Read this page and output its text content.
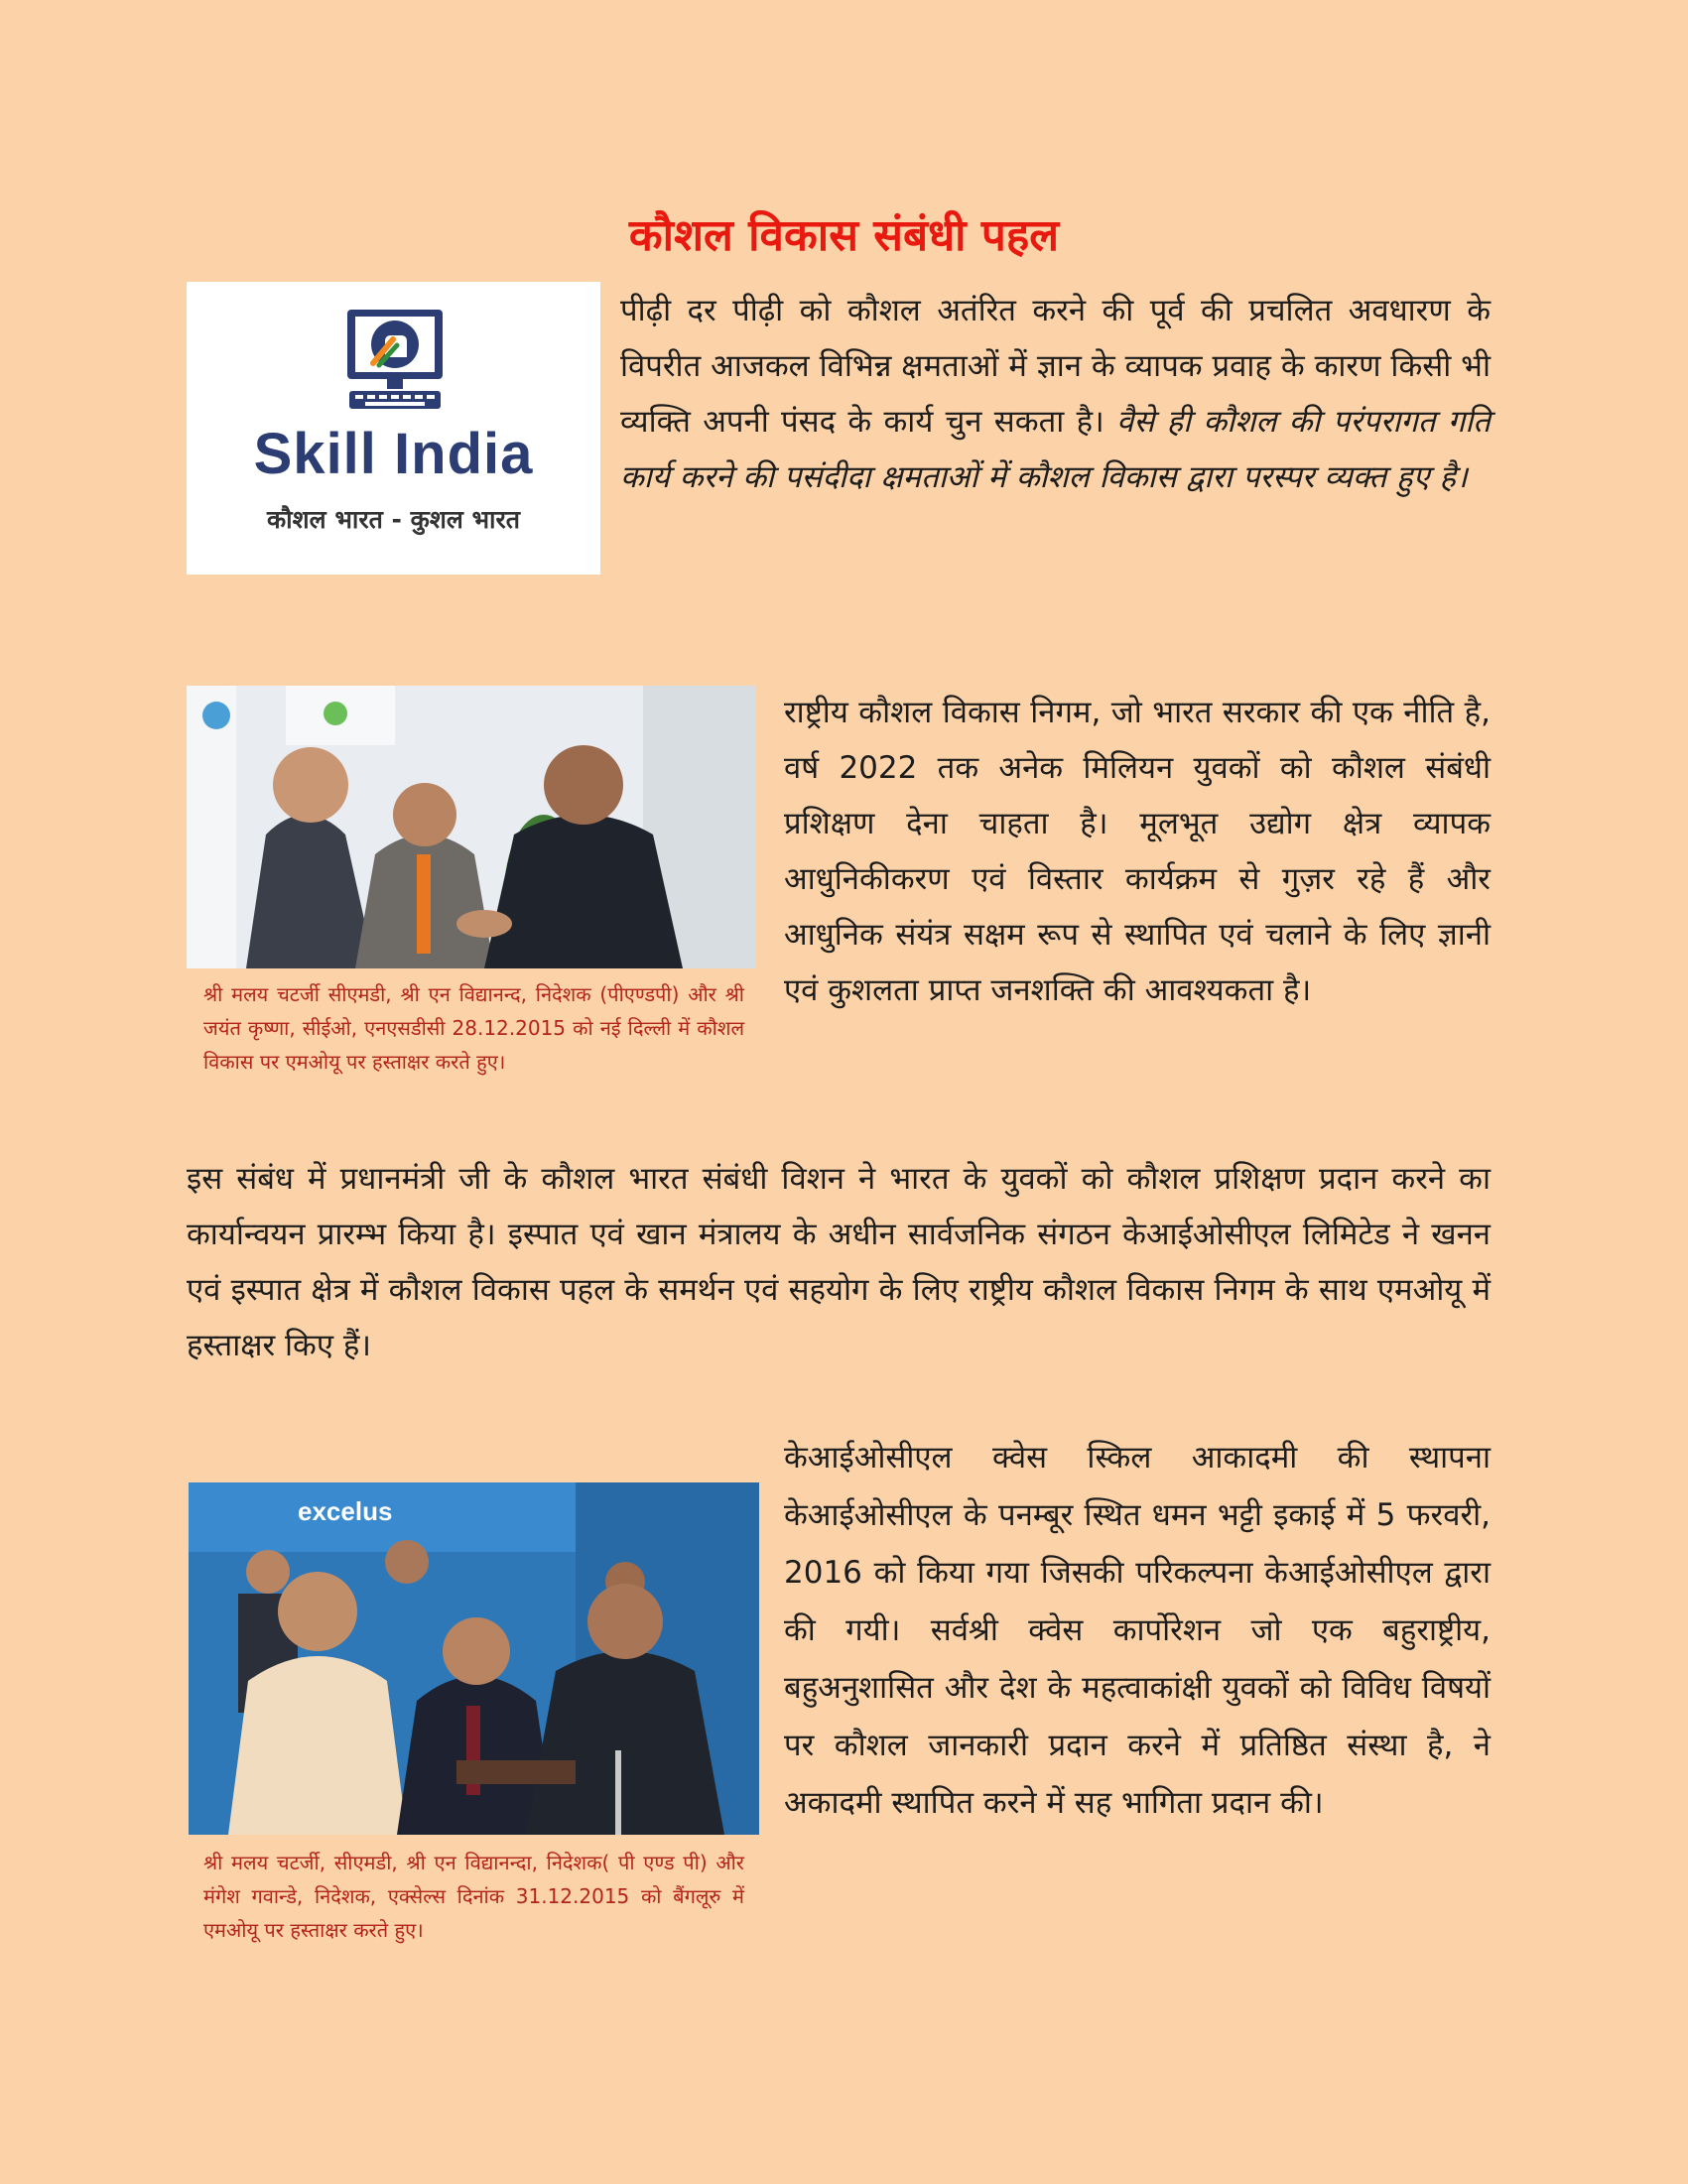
कौशल विकास संबंधी पहल
Skill India
कौशल भारत - कुशल भारत

पीढ़ी दर पीढ़ी को कौशल अतंरित करने की पूर्व की प्रचलित अवधारण के विपरीत आजकल विभिन्न क्षमताओं में ज्ञान के व्यापक प्रवाह के कारण किसी भी व्यक्ति अपनी पंसद के कार्य चुन सकता है। वैसे ही कौशल की परंपरागत गति कार्य करने की पसंदीदा क्षमताओं में कौशल विकास द्वारा परस्पर व्यक्त हुए है।

श्री मलय चटर्जी सीएमडी, श्री एन विद्यानन्द, निदेशक (पीएण्डपी) और श्री जयंत कृष्णा, सीईओ, एनएसडीसी 28.12.2015 को नई दिल्ली में कौशल विकास पर एमओयू पर हस्ताक्षर करते हुए।

राष्ट्रीय कौशल विकास निगम, जो भारत सरकार की एक नीति है, वर्ष 2022 तक अनेक मिलियन युवकों को कौशल संबंधी प्रशिक्षण देना चाहता है। मूलभूत उद्योग क्षेत्र व्यापक आधुनिकीकरण एवं विस्तार कार्यक्रम से गुज़र रहे हैं और आधुनिक संयंत्र सक्षम रूप से स्थापित एवं चलाने के लिए ज्ञानी एवं कुशलता प्राप्त जनशक्ति की आवश्यकता है।

इस संबंध में प्रधानमंत्री जी के कौशल भारत संबंधी विशन ने भारत के युवकों को कौशल प्रशिक्षण प्रदान करने का कार्यान्वयन प्रारम्भ किया है। इस्पात एवं खान मंत्रालय के अधीन सार्वजनिक संगठन केआईओसीएल लिमिटेड ने खनन एवं इस्पात क्षेत्र में कौशल विकास पहल के समर्थन एवं सहयोग के लिए राष्ट्रीय कौशल विकास निगम के साथ एमओयू में हस्ताक्षर किए हैं।

excelus

श्री मलय चटर्जी, सीएमडी, श्री एन विद्यानन्दा, निदेशक( पी एण्ड पी) और मंगेश गवान्डे, निदेशक, एक्सेल्स दिनांक 31.12.2015 को बैंगलूरु में एमओयू पर हस्ताक्षर करते हुए।

केआईओसीएल क्वेस स्किल आकादमी की स्थापना केआईओसीएल के पनम्बूर स्थित धमन भट्टी इकाई में 5 फरवरी, 2016 को किया गया जिसकी परिकल्पना केआईओसीएल द्वारा की गयी। सर्वश्री क्वेस कार्पोरेशन जो एक बहुराष्ट्रीय, बहुअनुशासित और देश के महत्वाकांक्षी युवकों को विविध विषयों पर कौशल जानकारी प्रदान करने में प्रतिष्ठित संस्था है, ने अकादमी स्थापित करने में सह भागिता प्रदान की।
